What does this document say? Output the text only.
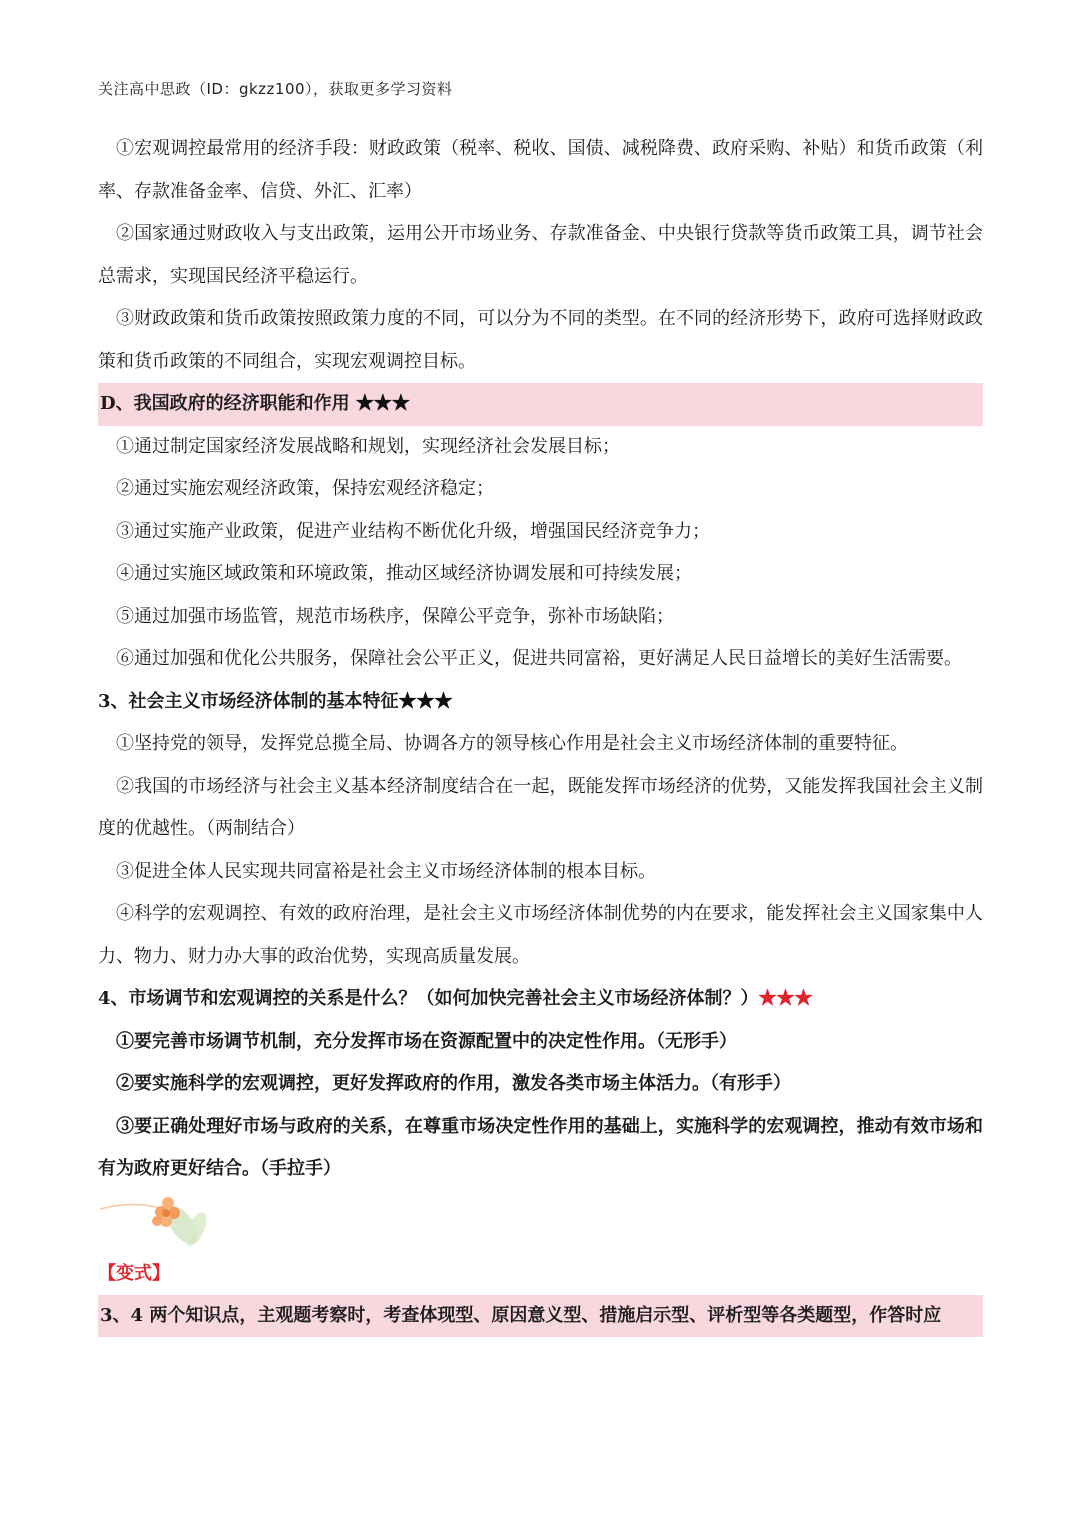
关注高中思政（ID：gkzz100），获取更多学习资料

①宏观调控最常用的经济手段：财政政策（税率、税收、国债、减税降费、政府采购、补贴）和货币政策（利率、存款准备金率、信贷、外汇、汇率）

②国家通过财政收入与支出政策，运用公开市场业务、存款准备金、中央银行贷款等货币政策工具，调节社会总需求，实现国民经济平稳运行。

③财政政策和货币政策按照政策力度的不同，可以分为不同的类型。在不同的经济形势下，政府可选择财政政策和货币政策的不同组合，实现宏观调控目标。

D、我国政府的经济职能和作用 ★★★

①通过制定国家经济发展战略和规划，实现经济社会发展目标；

②通过实施宏观经济政策，保持宏观经济稳定；

③通过实施产业政策，促进产业结构不断优化升级，增强国民经济竞争力；

④通过实施区域政策和环境政策，推动区域经济协调发展和可持续发展；

⑤通过加强市场监管，规范市场秩序，保障公平竞争，弥补市场缺陷；

⑥通过加强和优化公共服务，保障社会公平正义，促进共同富裕，更好满足人民日益增长的美好生活需要。

3、社会主义市场经济体制的基本特征★★★

①坚持党的领导，发挥党总揽全局、协调各方的领导核心作用是社会主义市场经济体制的重要特征。

②我国的市场经济与社会主义基本经济制度结合在一起，既能发挥市场经济的优势，又能发挥我国社会主义制度的优越性。（两制结合）

③促进全体人民实现共同富裕是社会主义市场经济体制的根本目标。

④科学的宏观调控、有效的政府治理，是社会主义市场经济体制优势的内在要求，能发挥社会主义国家集中人力、物力、财力办大事的政治优势，实现高质量发展。

4、市场调节和宏观调控的关系是什么？（如何加快完善社会主义市场经济体制？）★★★

①要完善市场调节机制，充分发挥市场在资源配置中的决定性作用。（无形手）

②要实施科学的宏观调控，更好发挥政府的作用，激发各类市场主体活力。（有形手）

③要正确处理好市场与政府的关系，在尊重市场决定性作用的基础上，实施科学的宏观调控，推动有效市场和有为政府更好结合。（手拉手）

【变式】

3、4 两个知识点，主观题考察时，考查体现型、原因意义型、措施启示型、评析型等各类题型，作答时应
